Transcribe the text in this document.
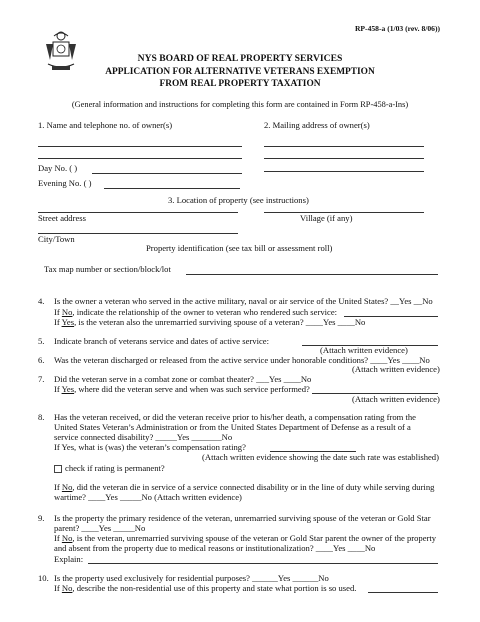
RP-458-a (1/03 (rev. 8/06))
NYS BOARD OF REAL PROPERTY SERVICES
APPLICATION FOR ALTERNATIVE VETERANS EXEMPTION
FROM REAL PROPERTY TAXATION
(General information and instructions for completing this form are contained in Form RP-458-a-Ins)
1. Name and telephone no. of owner(s)	2. Mailing address of owner(s)
Day No. ( )
Evening No. ( )
3. Location of property (see instructions)
Street address	Village (if any)
City/Town
Property identification (see tax bill or assessment roll)
Tax map number or section/block/lot
4. Is the owner a veteran who served in the active military, naval or air service of the United States? __Yes __No
If No, indicate the relationship of the owner to veteran who rendered such service:
If Yes, is the veteran also the unremarried surviving spouse of a veteran? ____Yes ____No
5. Indicate branch of veterans service and dates of active service:
(Attach written evidence)
6. Was the veteran discharged or released from the active service under honorable conditions? ____Yes ____No
(Attach written evidence)
7. Did the veteran serve in a combat zone or combat theater? ___Yes ____No
If Yes, where did the veteran serve and when was such service performed?
(Attach written evidence)
8. Has the veteran received, or did the veteran receive prior to his/her death, a compensation rating from the
United States Veteran’s Administration or from the United States Department of Defense as a result of a
service connected disability? _____Yes _______No
If Yes, what is (was) the veteran’s compensation rating?
(Attach written evidence showing the date such rate was established)
check if rating is permanent?
If No, did the veteran die in service of a service connected disability or in the line of duty while serving during
wartime? ____Yes _____No (Attach written evidence)
9. Is the property the primary residence of the veteran, unremarried surviving spouse of the veteran or Gold Star
parent? ____Yes _____No
If No, is the veteran, unremarried surviving spouse of the veteran or Gold Star parent the owner of the property
and absent from the property due to medical reasons or institutionalization? ____Yes ____No
Explain:
10. Is the property used exclusively for residential purposes? ______Yes ______No
If No, describe the non-residential use of this property and state what portion is so used.
